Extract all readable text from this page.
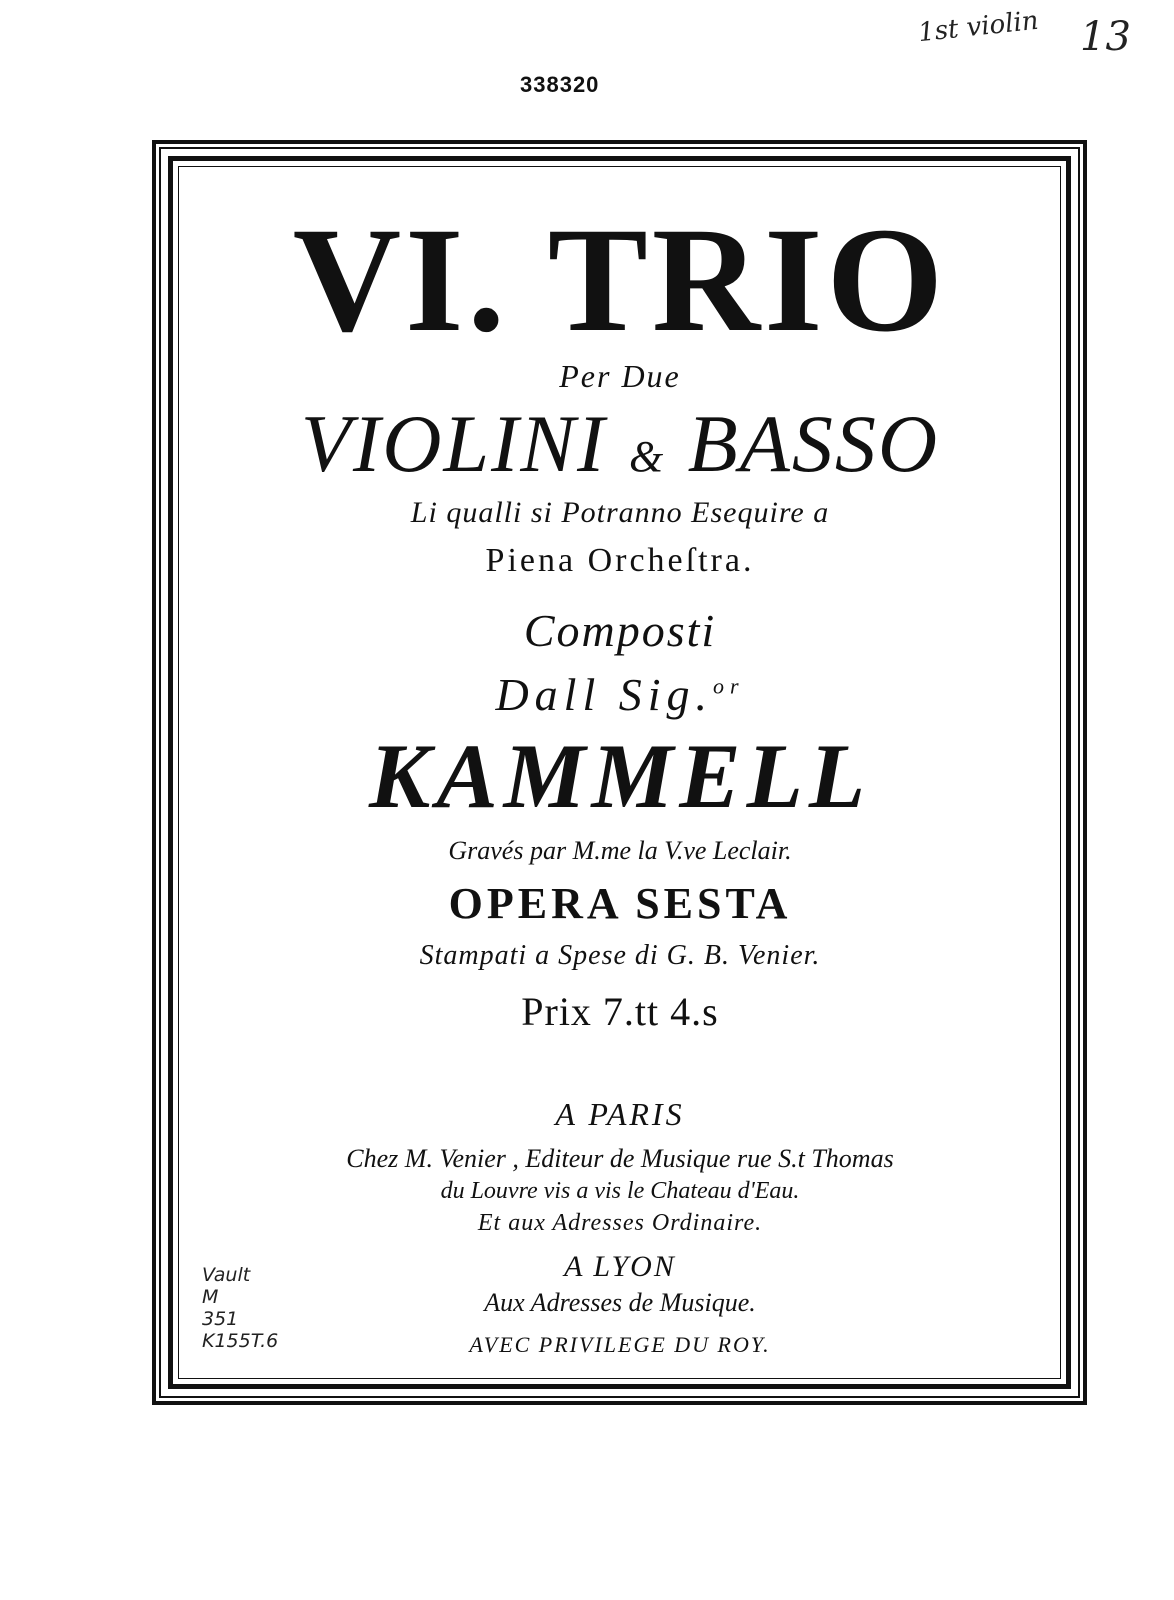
338320
1st violin 13
VI. TRIO
Per Due
VIOLINI & BASSO
Li qualli si Potranno Esequire a
Piena Orcheſtra.
Composti
Dall Sig.$^{or}$
KAMMELL
Gravés par M.me la V.ve Leclair.
OPERA SESTA
Stampati a Spese di G. B. Venier.
Prix 7.tt 4.s
A PARIS
Chez M. Venier , Editeur de Musique rue S.t Thomas
du Louvre vis a vis le Chateau d'Eau.
Et aux Adresses Ordinaire.
A LYON
Aux Adresses de Musique.
AVEC PRIVILEGE DU ROY.
Vault
M
351
K155T.6
